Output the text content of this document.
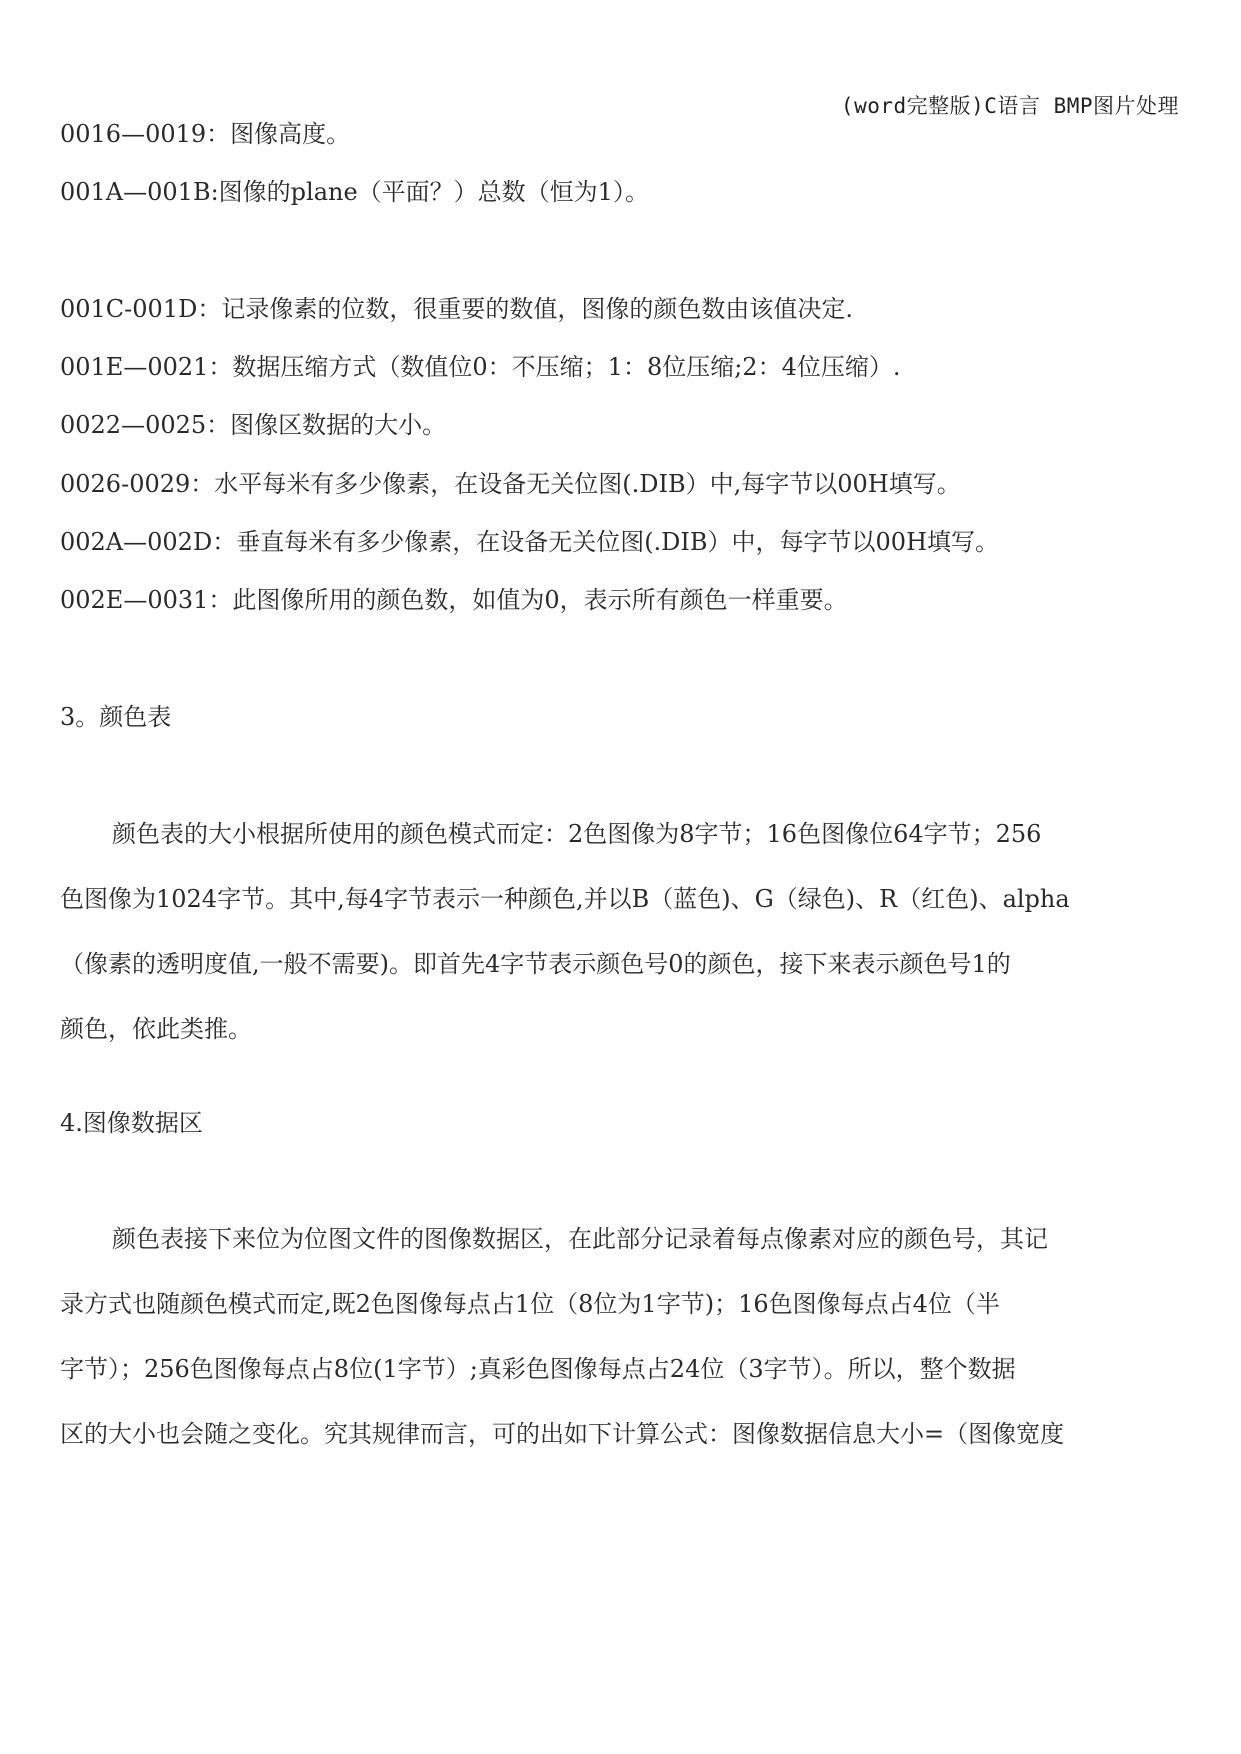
(word完整版)C语言 BMP图片处理
0016—0019：图像高度。
001A—001B:图像的plane（平面？）总数（恒为1）。
001C-001D：记录像素的位数，很重要的数值，图像的颜色数由该值决定.
001E—0021：数据压缩方式（数值位0：不压缩；1：8位压缩;2：4位压缩）.
0022—0025：图像区数据的大小。
0026-0029：水平每米有多少像素，在设备无关位图(.DIB）中,每字节以00H填写。
002A—002D：垂直每米有多少像素，在设备无关位图(.DIB）中，每字节以00H填写。
002E—0031：此图像所用的颜色数，如值为0，表示所有颜色一样重要。
3。颜色表
颜色表的大小根据所使用的颜色模式而定：2色图像为8字节；16色图像位64字节；256
色图像为1024字节。其中,每4字节表示一种颜色,并以B（蓝色)、G（绿色)、R（红色)、alpha
（像素的透明度值,一般不需要)。即首先4字节表示颜色号0的颜色，接下来表示颜色号1的
颜色，依此类推。
4.图像数据区
颜色表接下来位为位图文件的图像数据区，在此部分记录着每点像素对应的颜色号，其记
录方式也随颜色模式而定,既2色图像每点占1位（8位为1字节)；16色图像每点占4位（半
字节）；256色图像每点占8位(1字节）;真彩色图像每点占24位（3字节）。所以，整个数据
区的大小也会随之变化。究其规律而言，可的出如下计算公式：图像数据信息大小=（图像宽度
